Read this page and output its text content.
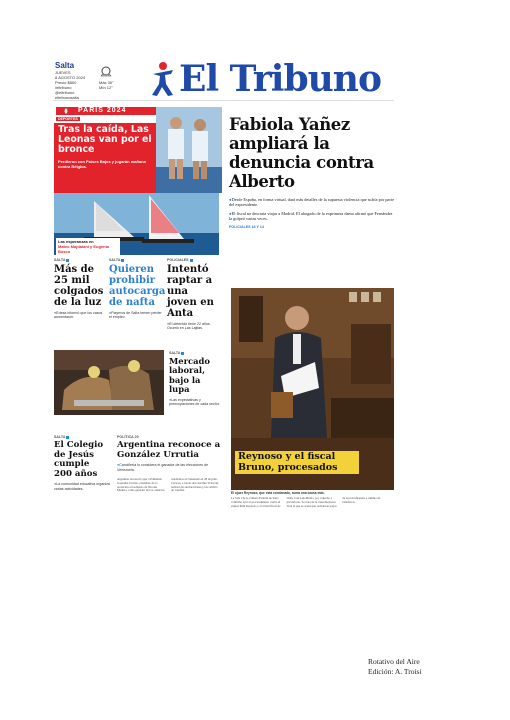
Salta
JUEVES
8 AGOSTO 2024
Precio $800
/eltribuno
@eltribuno
eltribunosalta
Máx 30°
Mín 12° El Tribuno
DEPORTES
PARIS 2024
Tras la caída, Las Leonas van por el bronce
Perdieron con Países Bajos y jugarán mañana contra Bélgica.
Las esperanzas en
Mateo Majdalani y Eugenia Bosco
Fabiola Yañez ampliará la denuncia contra Alberto
●Desde España, en forma virtual, dará más detalles de la supuesta violencia que sufría por parte del expresidente.
●El fiscal no descarta viajar a Madrid. El abogado de la exprimera dama afirmó que Fernández la golpeó varias veces.
POLICIALES 18 Y 14
Reynoso y el fiscal Bruno, procesados
El ojuez Reynoso, que está condenado, suma una causa más.
La Sala I de la Cámara Federal de Salta confirmó ayer el procesamiento contra el exjuez Raúl Reynoso y el actual fiscal de Orán, José Luis Bruno, por cohecho y prevaricato. Se trata de la causa Reynoso II en la que se acusa que recibieron pagos de narcotraficantes a cambio de beneficios.
SALTA
Más de 25 mil colgados de la luz
●Edesa informó que los casos aumentaron.
SALTA
Quieren prohibir autocarga de nafta
●Playeros de Salta temen perder el empleo.
POLICIALES
Intentó raptar a una joven en Anta
●El detenido tiene 22 años. Ocurrió en Las Lajitas.
SALTA
Mercado laboral, bajo la lupa
●Las expectativas y preocupaciones de cada sector.
SALTA
El Colegio de Jesús cumple 200 años
●La comunidad educativa organiza varias actividades.
POLÍTICA 20
Argentina reconoce a González Urrutia
●Cancillería lo considera el ganador de las elecciones de Venezuela.
Argentina reconoció ayer a Edmundo González Urrutia, candidato de la oposición al Gobierno de Nicolás Maduro, como ganador de los comicios celebrados en Venezuela el 28 de julio. Caracas, a través del canciller Yván Gil, rechazó las declaraciones y las calificó de vasallas.
Rotativo del Aire
Edición: A. Troisi
